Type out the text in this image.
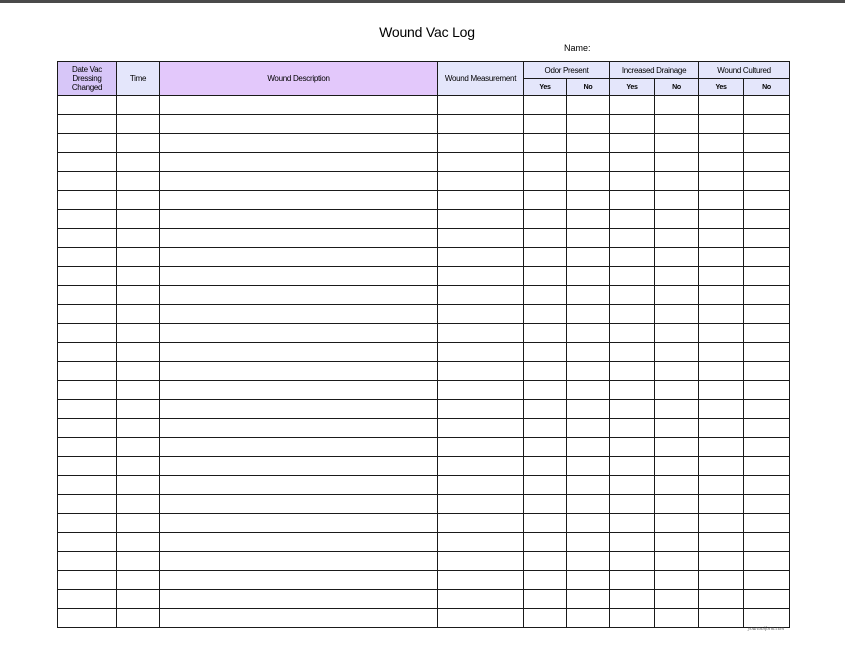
Wound Vac Log
Name:
Date Vac Dressing Changed	Time	Wound Description	Wound Measurement	Odor Present		Increased Drainage		Wound Cultured	
				Yes	No	Yes	No	Yes	No

yourtoolform.com
